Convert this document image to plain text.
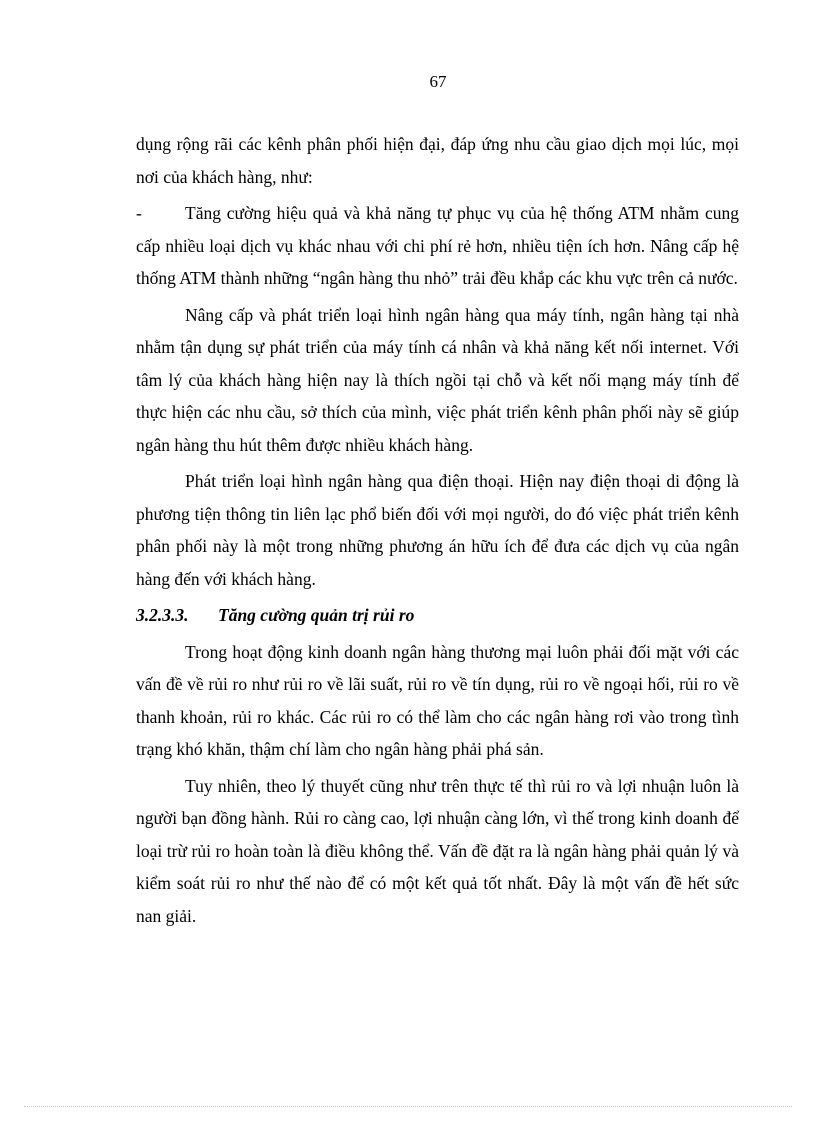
67

dụng rộng rãi các kênh phân phối hiện đại, đáp ứng nhu cầu giao dịch mọi lúc, mọi nơi của khách hàng, như:

- Tăng cường hiệu quả và khả năng tự phục vụ của hệ thống ATM nhằm cung cấp nhiều loại dịch vụ khác nhau với chi phí rẻ hơn, nhiều tiện ích hơn. Nâng cấp hệ thống ATM thành những “ngân hàng thu nhỏ” trải đều khắp các khu vực trên cả nước.

Nâng cấp và phát triển loại hình ngân hàng qua máy tính, ngân hàng tại nhà nhằm tận dụng sự phát triển của máy tính cá nhân và khả năng kết nối internet. Với tâm lý của khách hàng hiện nay là thích ngồi tại chỗ và kết nối mạng máy tính để thực hiện các nhu cầu, sở thích của mình, việc phát triển kênh phân phối này sẽ giúp ngân hàng thu hút thêm được nhiều khách hàng.

Phát triển loại hình ngân hàng qua điện thoại. Hiện nay điện thoại di động là phương tiện thông tin liên lạc phổ biến đối với mọi người, do đó việc phát triển kênh phân phối này là một trong những phương án hữu ích để đưa các dịch vụ của ngân hàng đến với khách hàng.

3.2.3.3. Tăng cường quản trị rủi ro

Trong hoạt động kinh doanh ngân hàng thương mại luôn phải đối mặt với các vấn đề về rủi ro như rủi ro về lãi suất, rủi ro về tín dụng, rủi ro về ngoại hối, rủi ro về thanh khoản, rủi ro khác. Các rủi ro có thể làm cho các ngân hàng rơi vào trong tình trạng khó khăn, thậm chí làm cho ngân hàng phải phá sản.

Tuy nhiên, theo lý thuyết cũng như trên thực tế thì rủi ro và lợi nhuận luôn là người bạn đồng hành. Rủi ro càng cao, lợi nhuận càng lớn, vì thế trong kinh doanh để loại trừ rủi ro hoàn toàn là điều không thể. Vấn đề đặt ra là ngân hàng phải quản lý và kiểm soát rủi ro như thế nào để có một kết quả tốt nhất. Đây là một vấn đề hết sức nan giải.
